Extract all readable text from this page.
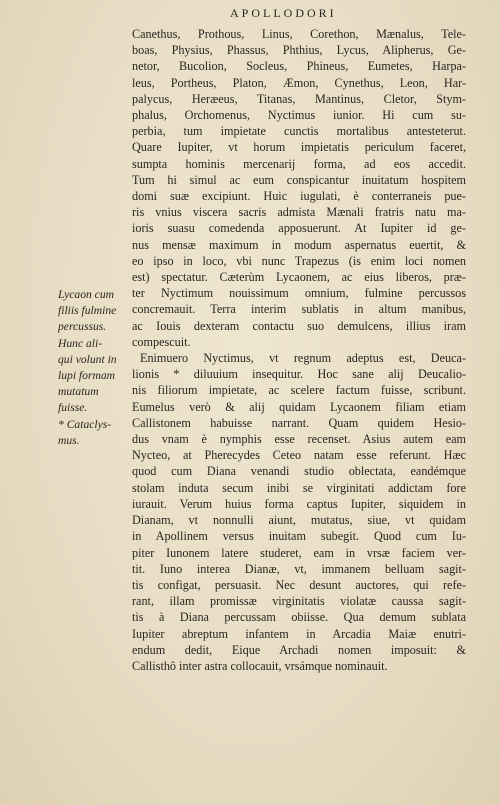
APOLLODORI
Lycaon cum
filiis fulmine
percussus.
Hunc ali-
qui volunt in
lupi formam
mutatum
fuisse.
* Cataclys-
mus.
Canethus, Prothous, Linus, Corethon, Mænalus, Tele-
boas, Physius, Phassus, Phthius, Lycus, Alipherus, Ge-
netor, Bucolion, Socleus, Phineus, Eumetes, Harpa-
leus, Portheus, Platon, Æmon, Cynethus, Leon, Har-
palycus, Heræeus, Titanas, Mantinus, Cletor, Stym-
phalus, Orchomenus, Nyctimus iunior. Hi cum su-
perbia, tum impietate cunctis mortalibus antesteterut.
Quare Iupiter, vt horum impietatis periculum faceret,
sumpta hominis mercenarij forma, ad eos accedit.
Tum hi simul ac eum conspicantur inuitatum hospitem
domi suæ excipiunt. Huic iugulati, è conterraneis pue-
ris vnius viscera sacris admista Mænali fratris natu ma-
ioris suasu comedenda apposuerunt. At Iupiter id ge-
nus mensæ maximum in modum aspernatus euertit, &
eo ipso in loco, vbi nunc Trapezus (is enim loci nomen
est) spectatur. Cæterùm Lycaonem, ac eius liberos, præ-
ter Nyctimum nouissimum omnium, fulmine percussos
concremauit. Terra interim sublatis in altum manibus,
ac Iouis dexteram contactu suo demulcens, illius iram
compescuit.
Enimuero Nyctimus, vt regnum adeptus est, Deuca-
lionis * diluuium insequitur. Hoc sane alij Deucalio-
nis filiorum impietate, ac scelere factum fuisse, scribunt.
Eumelus verò & alij quidam Lycaonem filiam etiam
Callistonem habuisse narrant. Quam quidem Hesio-
dus vnam è nymphis esse recenset. Asius autem eam
Nycteo, at Pherecydes Ceteo natam esse referunt. Hæc
quod cum Diana venandi studio oblectata, eandémque
stolam induta secum inibi se virginitati addictam fore
iurauit. Verum huius forma captus Iupiter, siquidem in
Dianam, vt nonnulli aiunt, mutatus, siue, vt quidam
in Apollinem versus inuitam subegit. Quod cum Iu-
piter Iunonem latere studeret, eam in vrsæ faciem ver-
tit. Iuno interea Dianæ, vt, immanem belluam sagit-
tis configat, persuasit. Nec desunt auctores, qui refe-
rant, illam promissæ virginitatis violatæ caussa sagit-
tis à Diana percussam obiisse. Qua demum sublata
Iupiter abreptum infantem in Arcadia Maiæ enutri-
endum dedit, Eique Archadi nomen imposuit: &
Callisthô inter astra collocauit, vrsámque nominauit.
